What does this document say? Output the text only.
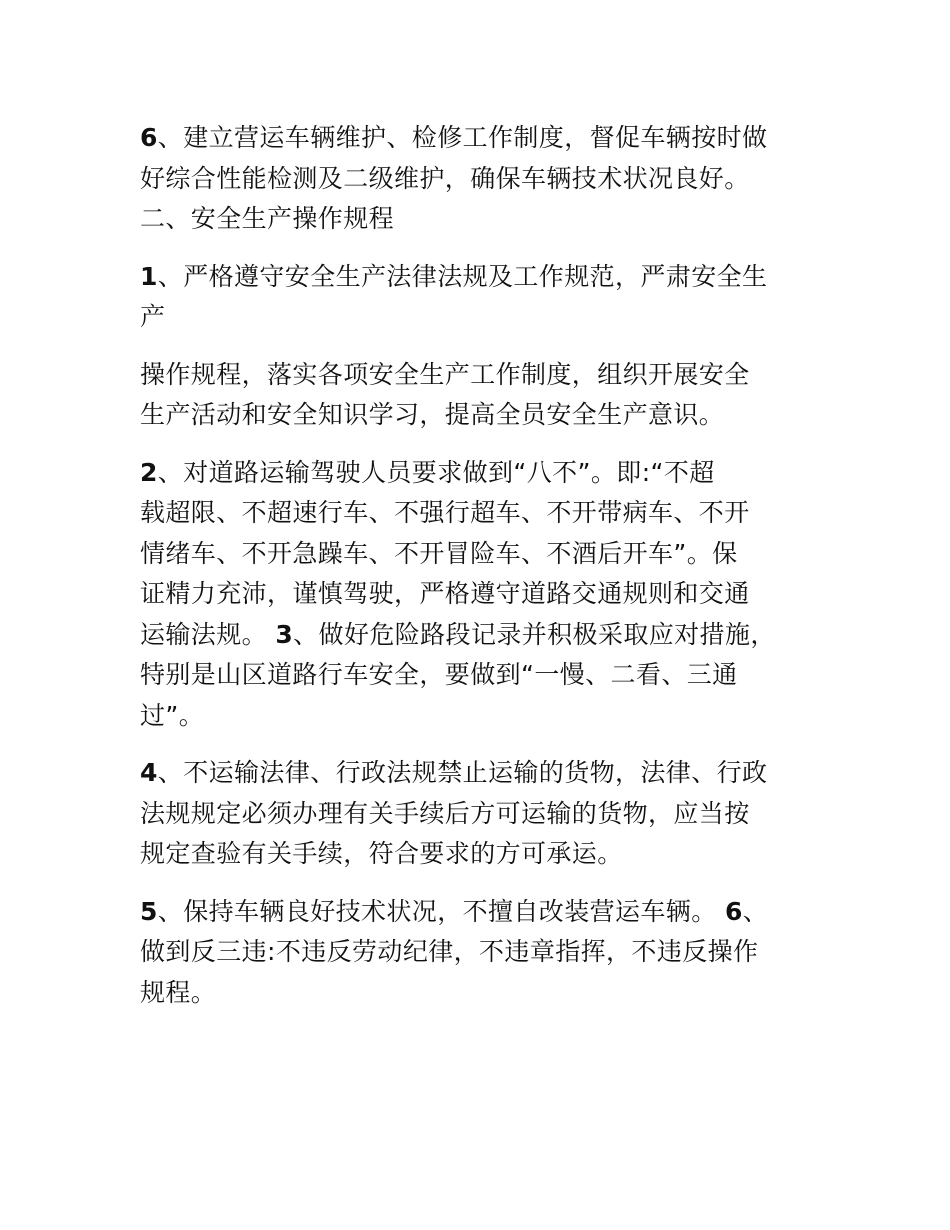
6、建立营运车辆维护、检修工作制度，督促车辆按时做
好综合性能检测及二级维护，确保车辆技术状况良好。

二、安全生产操作规程

1、严格遵守安全生产法律法规及工作规范，严肃安全生
产

操作规程，落实各项安全生产工作制度，组织开展安全
生产活动和安全知识学习，提高全员安全生产意识。

2、对道路运输驾驶人员要求做到“八不”。即:“不超
载超限、不超速行车、不强行超车、不开带病车、不开
情绪车、不开急躁车、不开冒险车、不酒后开车”。保
证精力充沛，谨慎驾驶，严格遵守道路交通规则和交通
运输法规。 3、做好危险路段记录并积极采取应对措施，
特别是山区道路行车安全，要做到“一慢、二看、三通
过”。

4、不运输法律、行政法规禁止运输的货物，法律、行政
法规规定必须办理有关手续后方可运输的货物，应当按
规定查验有关手续，符合要求的方可承运。

5、保持车辆良好技术状况，不擅自改装营运车辆。 6、
做到反三违:不违反劳动纪律，不违章指挥，不违反操作
规程。
